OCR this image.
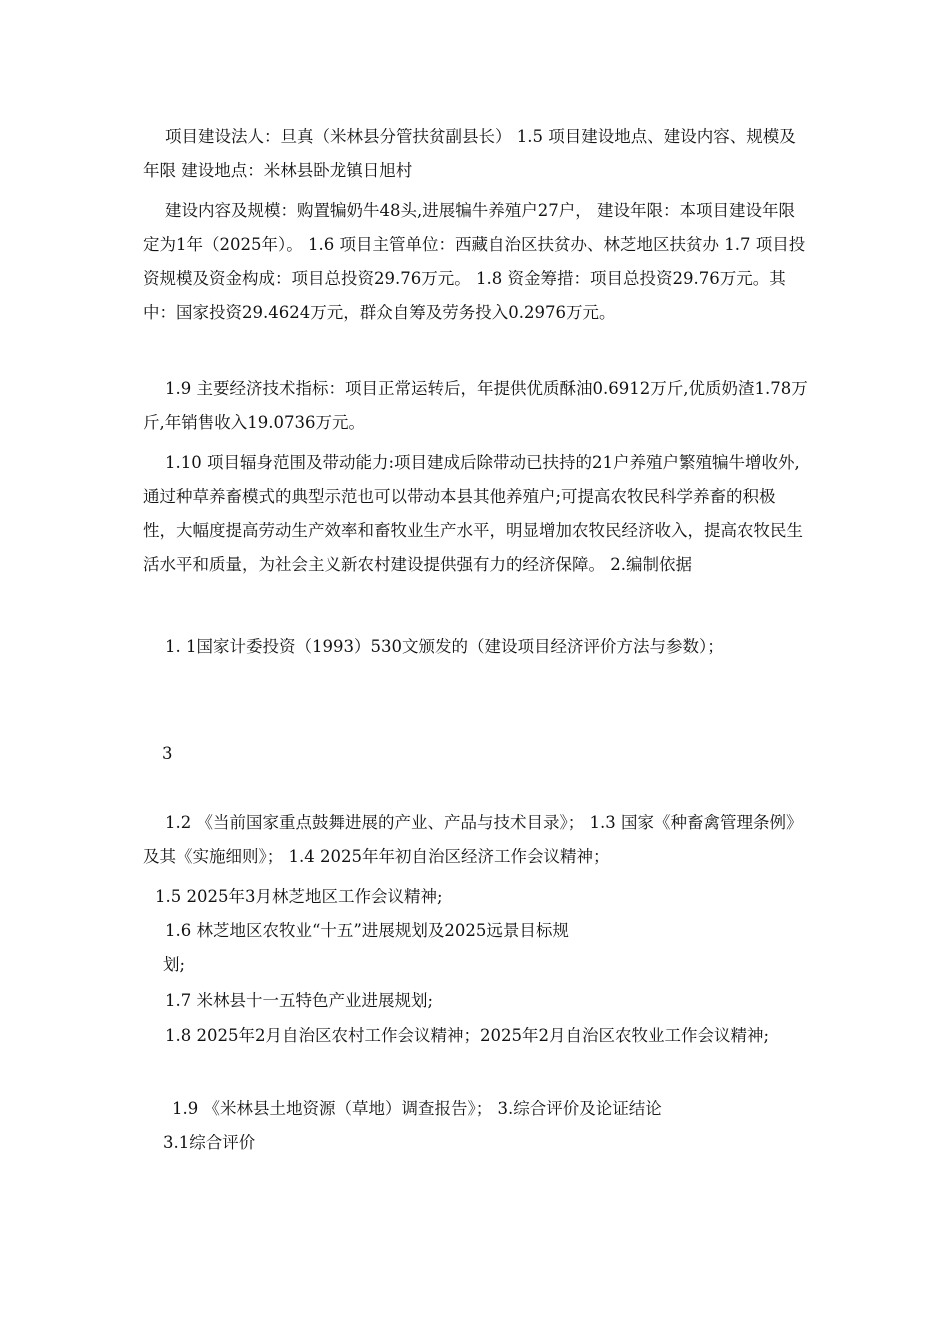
项目建设法人：旦真（米林县分管扶贫副县长） 1.5 项目建设地点、建设内容、规模及年限 建设地点：米林县卧龙镇日旭村

建设内容及规模：购置犏奶牛48头,进展犏牛养殖户27户， 建设年限：本项目建设年限定为1年（2025年）。 1.6 项目主管单位：西藏自治区扶贫办、林芝地区扶贫办 1.7 项目投资规模及资金构成：项目总投资29.76万元。 1.8 资金筹措：项目总投资29.76万元。其中：国家投资29.4624万元，群众自筹及劳务投入0.2976万元。

1.9 主要经济技术指标：项目正常运转后，年提供优质酥油0.6912万斤,优质奶渣1.78万斤,年销售收入19.0736万元。

1.10 项目辐身范围及带动能力:项目建成后除带动已扶持的21户养殖户繁殖犏牛增收外,通过种草养畜模式的典型示范也可以带动本县其他养殖户;可提高农牧民科学养畜的积极性，大幅度提高劳动生产效率和畜牧业生产水平，明显增加农牧民经济收入，提高农牧民生活水平和质量，为社会主义新农村建设提供强有力的经济保障。 2.编制依据

1. 1国家计委投资（1993）530文颁发的（建设项目经济评价方法与参数）；

3

1.2 《当前国家重点鼓舞进展的产业、产品与技术目录》； 1.3 国家《种畜禽管理条例》及其《实施细则》； 1.4 2025年年初自治区经济工作会议精神；

1.5 2025年3月林芝地区工作会议精神;
1.6 林芝地区农牧业“十五”进展规划及2025远景目标规
划;
1.7 米林县十一五特色产业进展规划;

1.8 2025年2月自治区农村工作会议精神；2025年2月自治区农牧业工作会议精神;

1.9 《米林县土地资源（草地）调查报告》； 3.综合评价及论证结论
3.1综合评价
